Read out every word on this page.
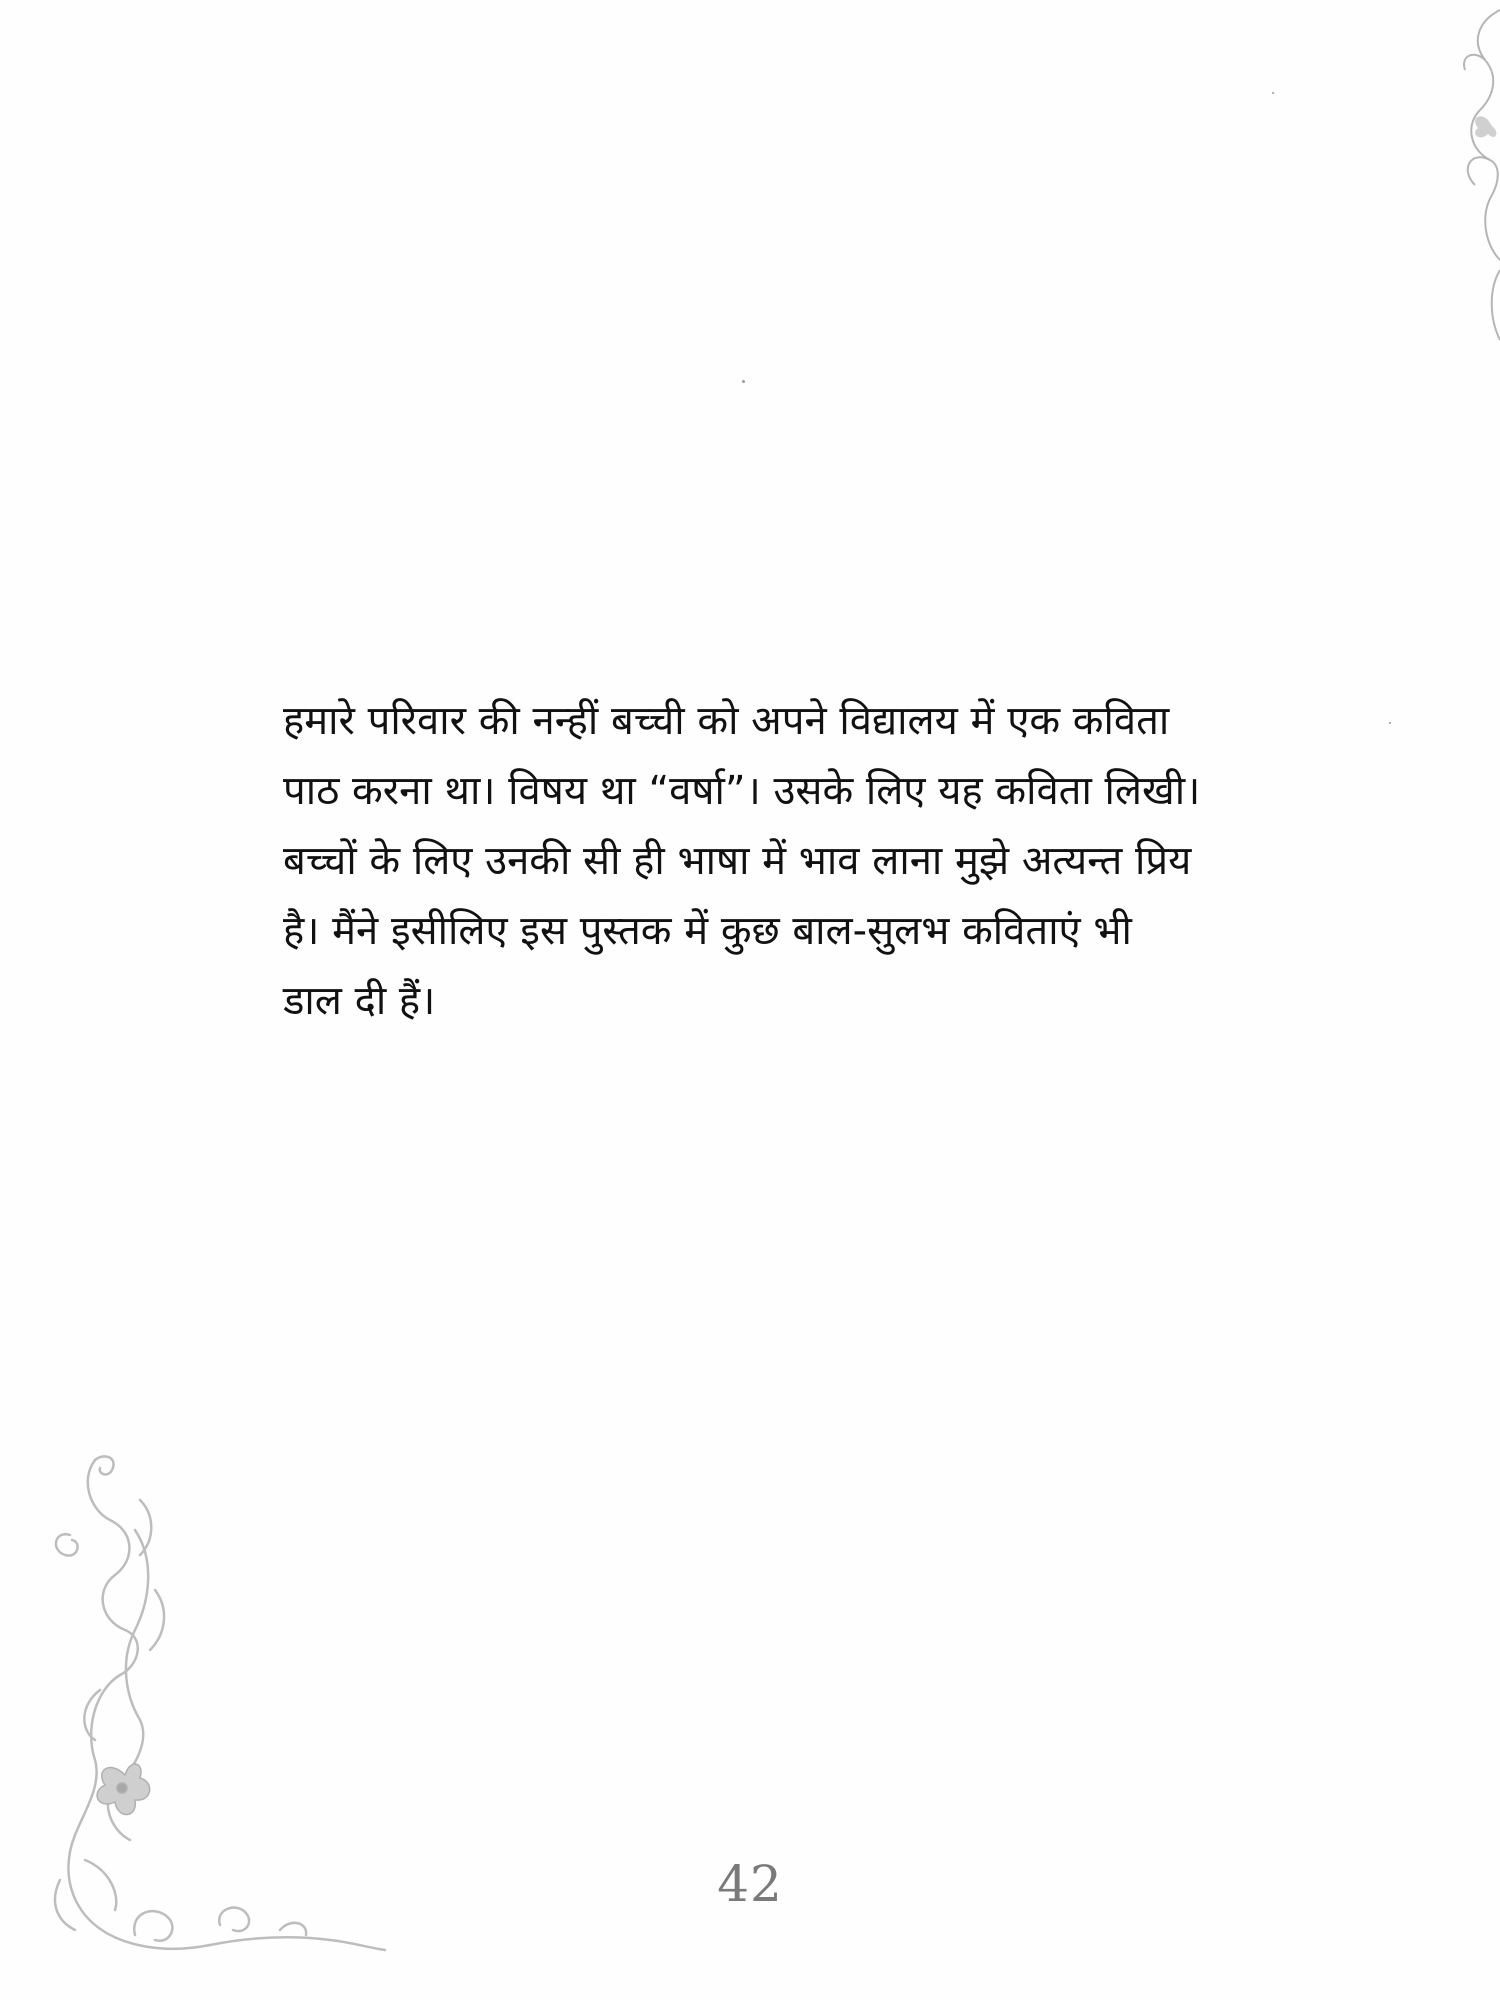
हमारे परिवार की नन्हीं बच्ची को अपने विद्यालय में एक कविता
पाठ करना था। विषय था “वर्षा”। उसके लिए यह कविता लिखी।
बच्चों के लिए उनकी सी ही भाषा में भाव लाना मुझे अत्यन्त प्रिय
है। मैंने इसीलिए इस पुस्तक में कुछ बाल-सुलभ कविताएं भी
डाल दी हैं।
42
